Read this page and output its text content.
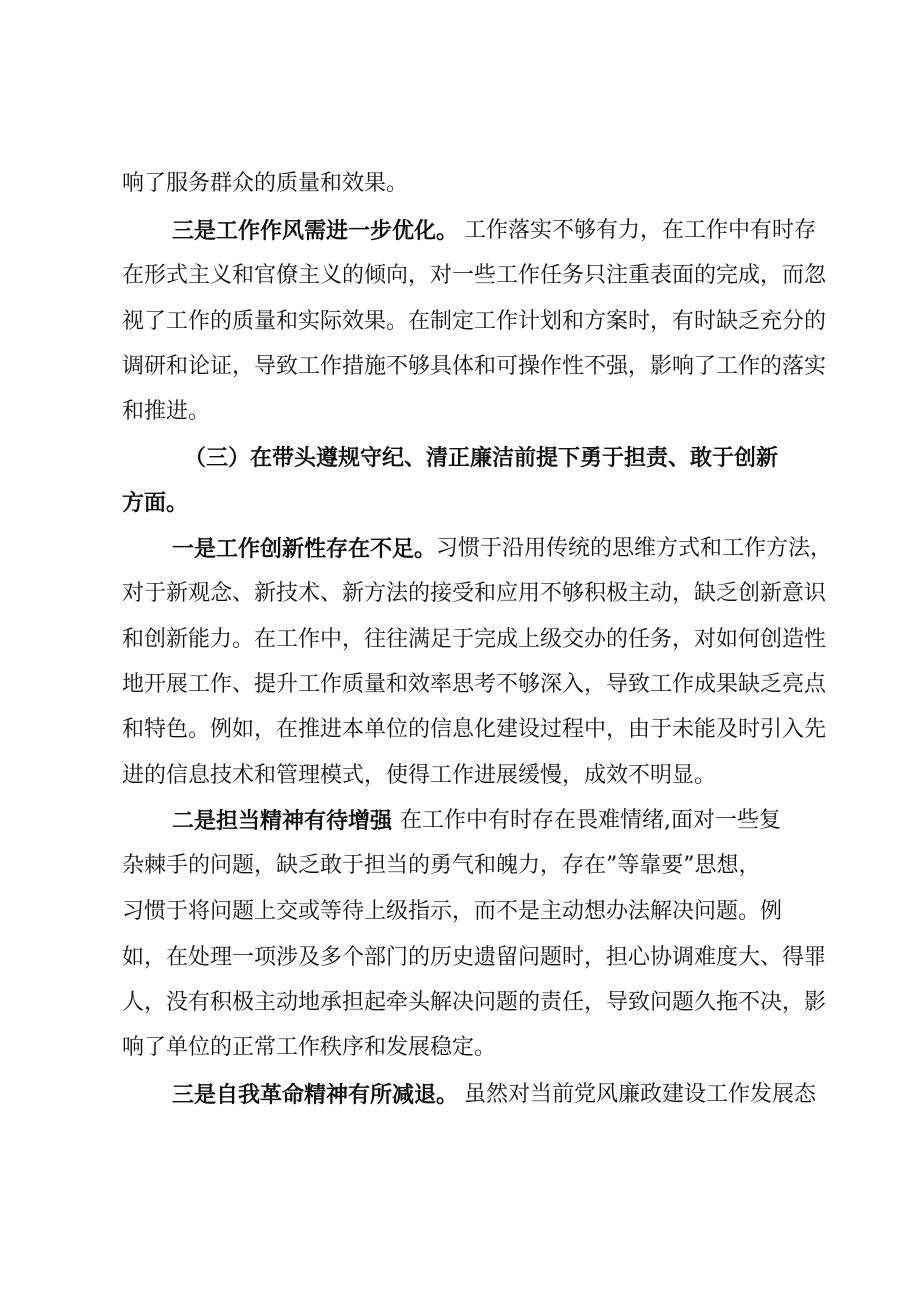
响了服务群众的质量和效果。
三是工作作风需进一步优化。 工作落实不够有力，在工作中有时存
在形式主义和官僚主义的倾向，对一些工作任务只注重表面的完成，而忽
视了工作的质量和实际效果。在制定工作计划和方案时，有时缺乏充分的
调研和论证，导致工作措施不够具体和可操作性不强，影响了工作的落实
和推进。
（三）在带头遵规守纪、清正廉洁前提下勇于担责、敢于创新
方面。
一是工作创新性存在不足。 习惯于沿用传统的思维方式和工作方法，
对于新观念、新技术、新方法的接受和应用不够积极主动，缺乏创新意识
和创新能力。在工作中，往往满足于完成上级交办的任务，对如何创造性
地开展工作、提升工作质量和效率思考不够深入，导致工作成果缺乏亮点
和特色。例如，在推进本单位的信息化建设过程中，由于未能及时引入先
进的信息技术和管理模式，使得工作进展缓慢，成效不明显。
二是担当精神有待增强 在工作中有时存在畏难情绪,面对一些复
杂棘手的问题，缺乏敢于担当的勇气和魄力，存在”等靠要”思想，
习惯于将问题上交或等待上级指示，而不是主动想办法解决问题。例
如，在处理一项涉及多个部门的历史遗留问题时，担心协调难度大、得罪
人，没有积极主动地承担起牵头解决问题的责任，导致问题久拖不决，影
响了单位的正常工作秩序和发展稳定。
三是自我革命精神有所减退。 虽然对当前党风廉政建设工作发展态
